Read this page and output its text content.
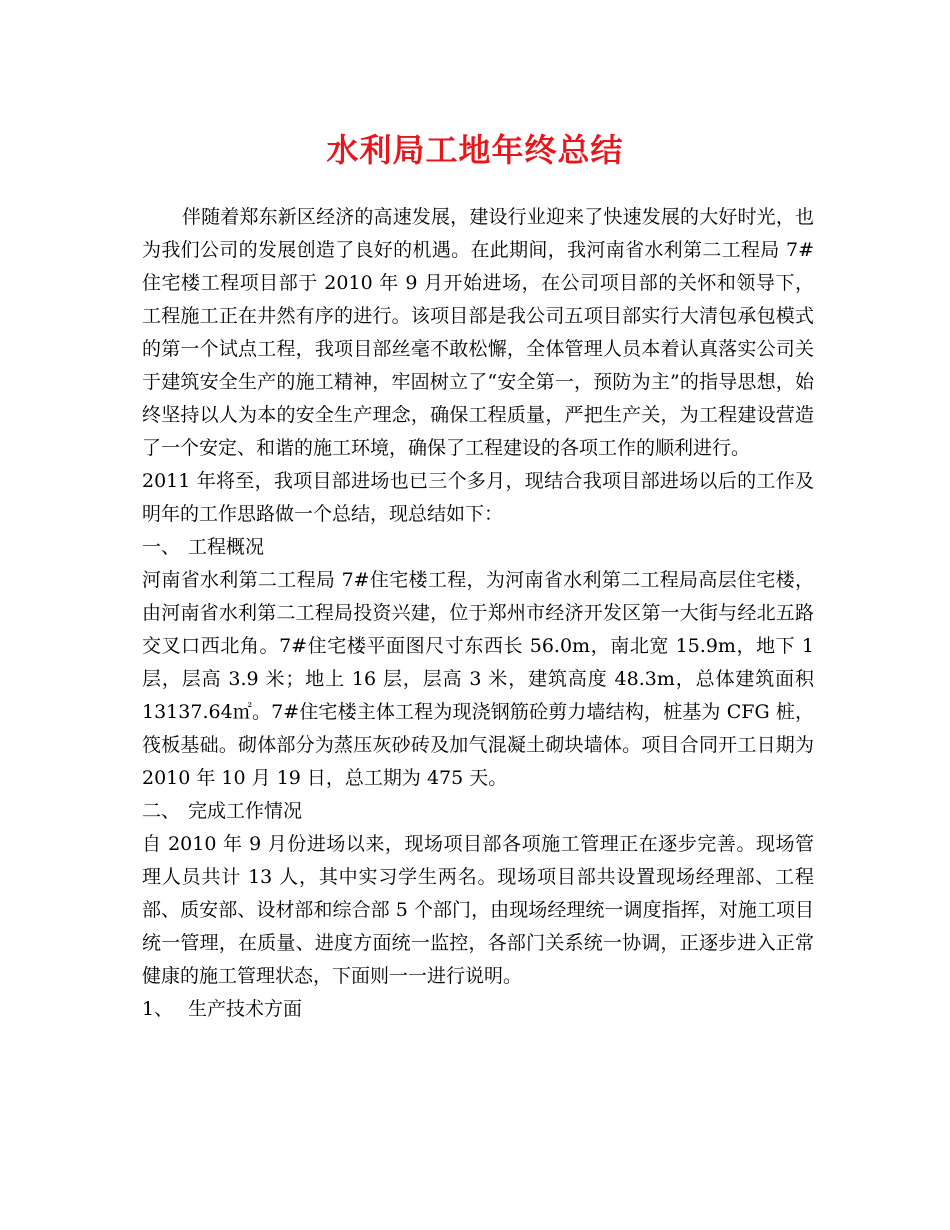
水利局工地年终总结

伴随着郑东新区经济的高速发展，建设行业迎来了快速发展的大好时光，也为我们公司的发展创造了良好的机遇。在此期间，我河南省水利第二工程局 7#住宅楼工程项目部于 2010 年 9 月开始进场，在公司项目部的关怀和领导下，工程施工正在井然有序的进行。该项目部是我公司五项目部实行大清包承包模式的第一个试点工程，我项目部丝毫不敢松懈，全体管理人员本着认真落实公司关于建筑安全生产的施工精神，牢固树立了“安全第一，预防为主”的指导思想，始终坚持以人为本的安全生产理念，确保工程质量，严把生产关，为工程建设营造了一个安定、和谐的施工环境，确保了工程建设的各项工作的顺利进行。

2011 年将至，我项目部进场也已三个多月，现结合我项目部进场以后的工作及明年的工作思路做一个总结，现总结如下：

一、 工程概况

河南省水利第二工程局 7#住宅楼工程，为河南省水利第二工程局高层住宅楼，由河南省水利第二工程局投资兴建，位于郑州市经济开发区第一大街与经北五路交叉口西北角。7#住宅楼平面图尺寸东西长 56.0m，南北宽 15.9m，地下 1 层，层高 3.9 米；地上 16 层，层高 3 米，建筑高度 48.3m，总体建筑面积 13137.64㎡。7#住宅楼主体工程为现浇钢筋砼剪力墙结构，桩基为 CFG 桩，筏板基础。砌体部分为蒸压灰砂砖及加气混凝土砌块墙体。项目合同开工日期为 2010 年 10 月 19 日，总工期为 475 天。

二、 完成工作情况

自 2010 年 9 月份进场以来，现场项目部各项施工管理正在逐步完善。现场管理人员共计 13 人，其中实习学生两名。现场项目部共设置现场经理部、工程部、质安部、设材部和综合部 5 个部门，由现场经理统一调度指挥，对施工项目统一管理，在质量、进度方面统一监控，各部门关系统一协调，正逐步进入正常健康的施工管理状态，下面则一一进行说明。

1、 生产技术方面
